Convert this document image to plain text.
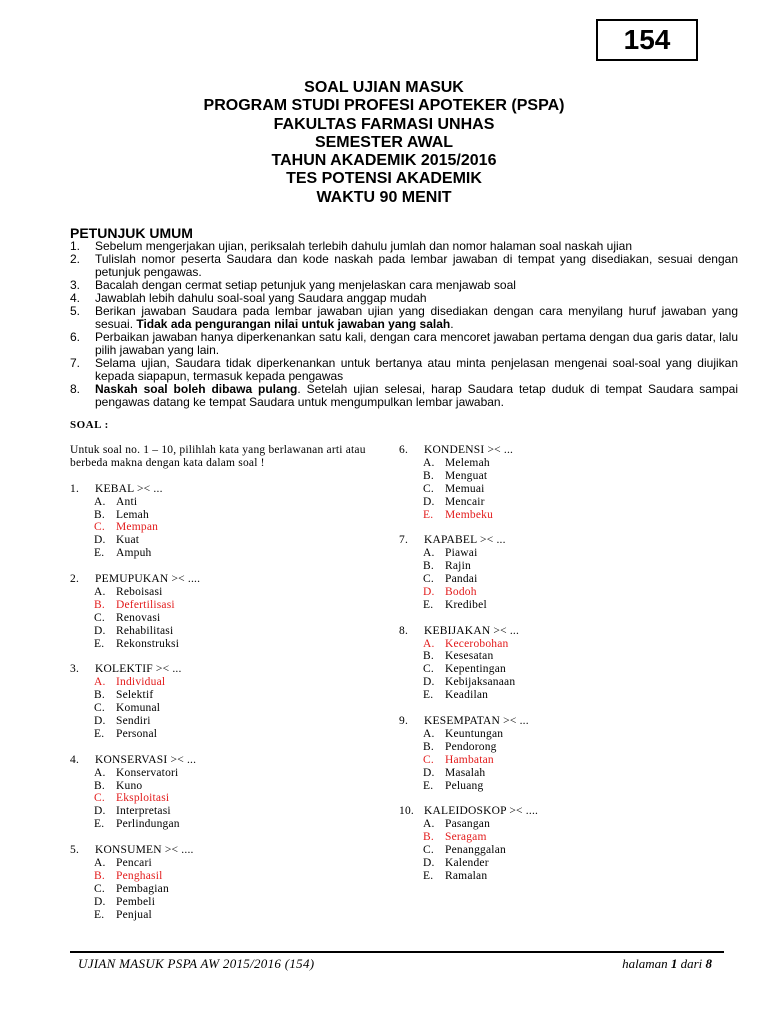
154
SOAL UJIAN MASUK
PROGRAM STUDI PROFESI APOTEKER (PSPA)
FAKULTAS FARMASI UNHAS
SEMESTER AWAL
TAHUN AKADEMIK 2015/2016
TES POTENSI AKADEMIK
WAKTU 90 MENIT
PETUNJUK UMUM
1. Sebelum mengerjakan ujian, periksalah terlebih dahulu jumlah dan nomor halaman soal naskah ujian
2. Tulislah nomor peserta Saudara dan kode naskah pada lembar jawaban di tempat yang disediakan, sesuai dengan petunjuk pengawas.
3. Bacalah dengan cermat setiap petunjuk yang menjelaskan cara menjawab soal
4. Jawablah lebih dahulu soal-soal yang Saudara anggap mudah
5. Berikan jawaban Saudara pada lembar jawaban ujian yang disediakan dengan cara menyilang huruf jawaban yang sesuai. Tidak ada pengurangan nilai untuk jawaban yang salah.
6. Perbaikan jawaban hanya diperkenankan satu kali, dengan cara mencoret jawaban pertama dengan dua garis datar, lalu pilih jawaban yang lain.
7. Selama ujian, Saudara tidak diperkenankan untuk bertanya atau minta penjelasan mengenai soal-soal yang diujikan kepada siapapun, termasuk kepada pengawas
8. Naskah soal boleh dibawa pulang. Setelah ujian selesai, harap Saudara tetap duduk di tempat Saudara sampai pengawas datang ke tempat Saudara untuk mengumpulkan lembar jawaban.
SOAL :
Untuk soal no. 1 – 10, pilihlah kata yang berlawanan arti atau berbeda makna dengan kata dalam soal !
1. KEBAL >< ...
A. Anti
B. Lemah
C. Mempan
D. Kuat
E. Ampuh
2. PEMUPUKAN >< ....
A. Reboisasi
B. Defertilisasi
C. Renovasi
D. Rehabilitasi
E. Rekonstruksi
3. KOLEKTIF >< ...
A. Individual
B. Selektif
C. Komunal
D. Sendiri
E. Personal
4. KONSERVASI >< ...
A. Konservatori
B. Kuno
C. Eksploitasi
D. Interpretasi
E. Perlindungan
5. KONSUMEN >< ....
A. Pencari
B. Penghasil
C. Pembagian
D. Pembeli
E. Penjual
6. KONDENSI >< ...
A. Melemah
B. Menguat
C. Memuai
D. Mencair
E. Membeku
7. KAPABEL >< ...
A. Piawai
B. Rajin
C. Pandai
D. Bodoh
E. Kredibel
8. KEBIJAKAN >< ...
A. Kecerobohan
B. Kesesatan
C. Kepentingan
D. Kebijaksanaan
E. Keadilan
9. KESEMPATAN >< ...
A. Keuntungan
B. Pendorong
C. Hambatan
D. Masalah
E. Peluang
10. KALEIDOSKOP >< ....
A. Pasangan
B. Seragam
C. Penanggalan
D. Kalender
E. Ramalan
UJIAN MASUK PSPA AW 2015/2016 (154)	halaman 1 dari 8
